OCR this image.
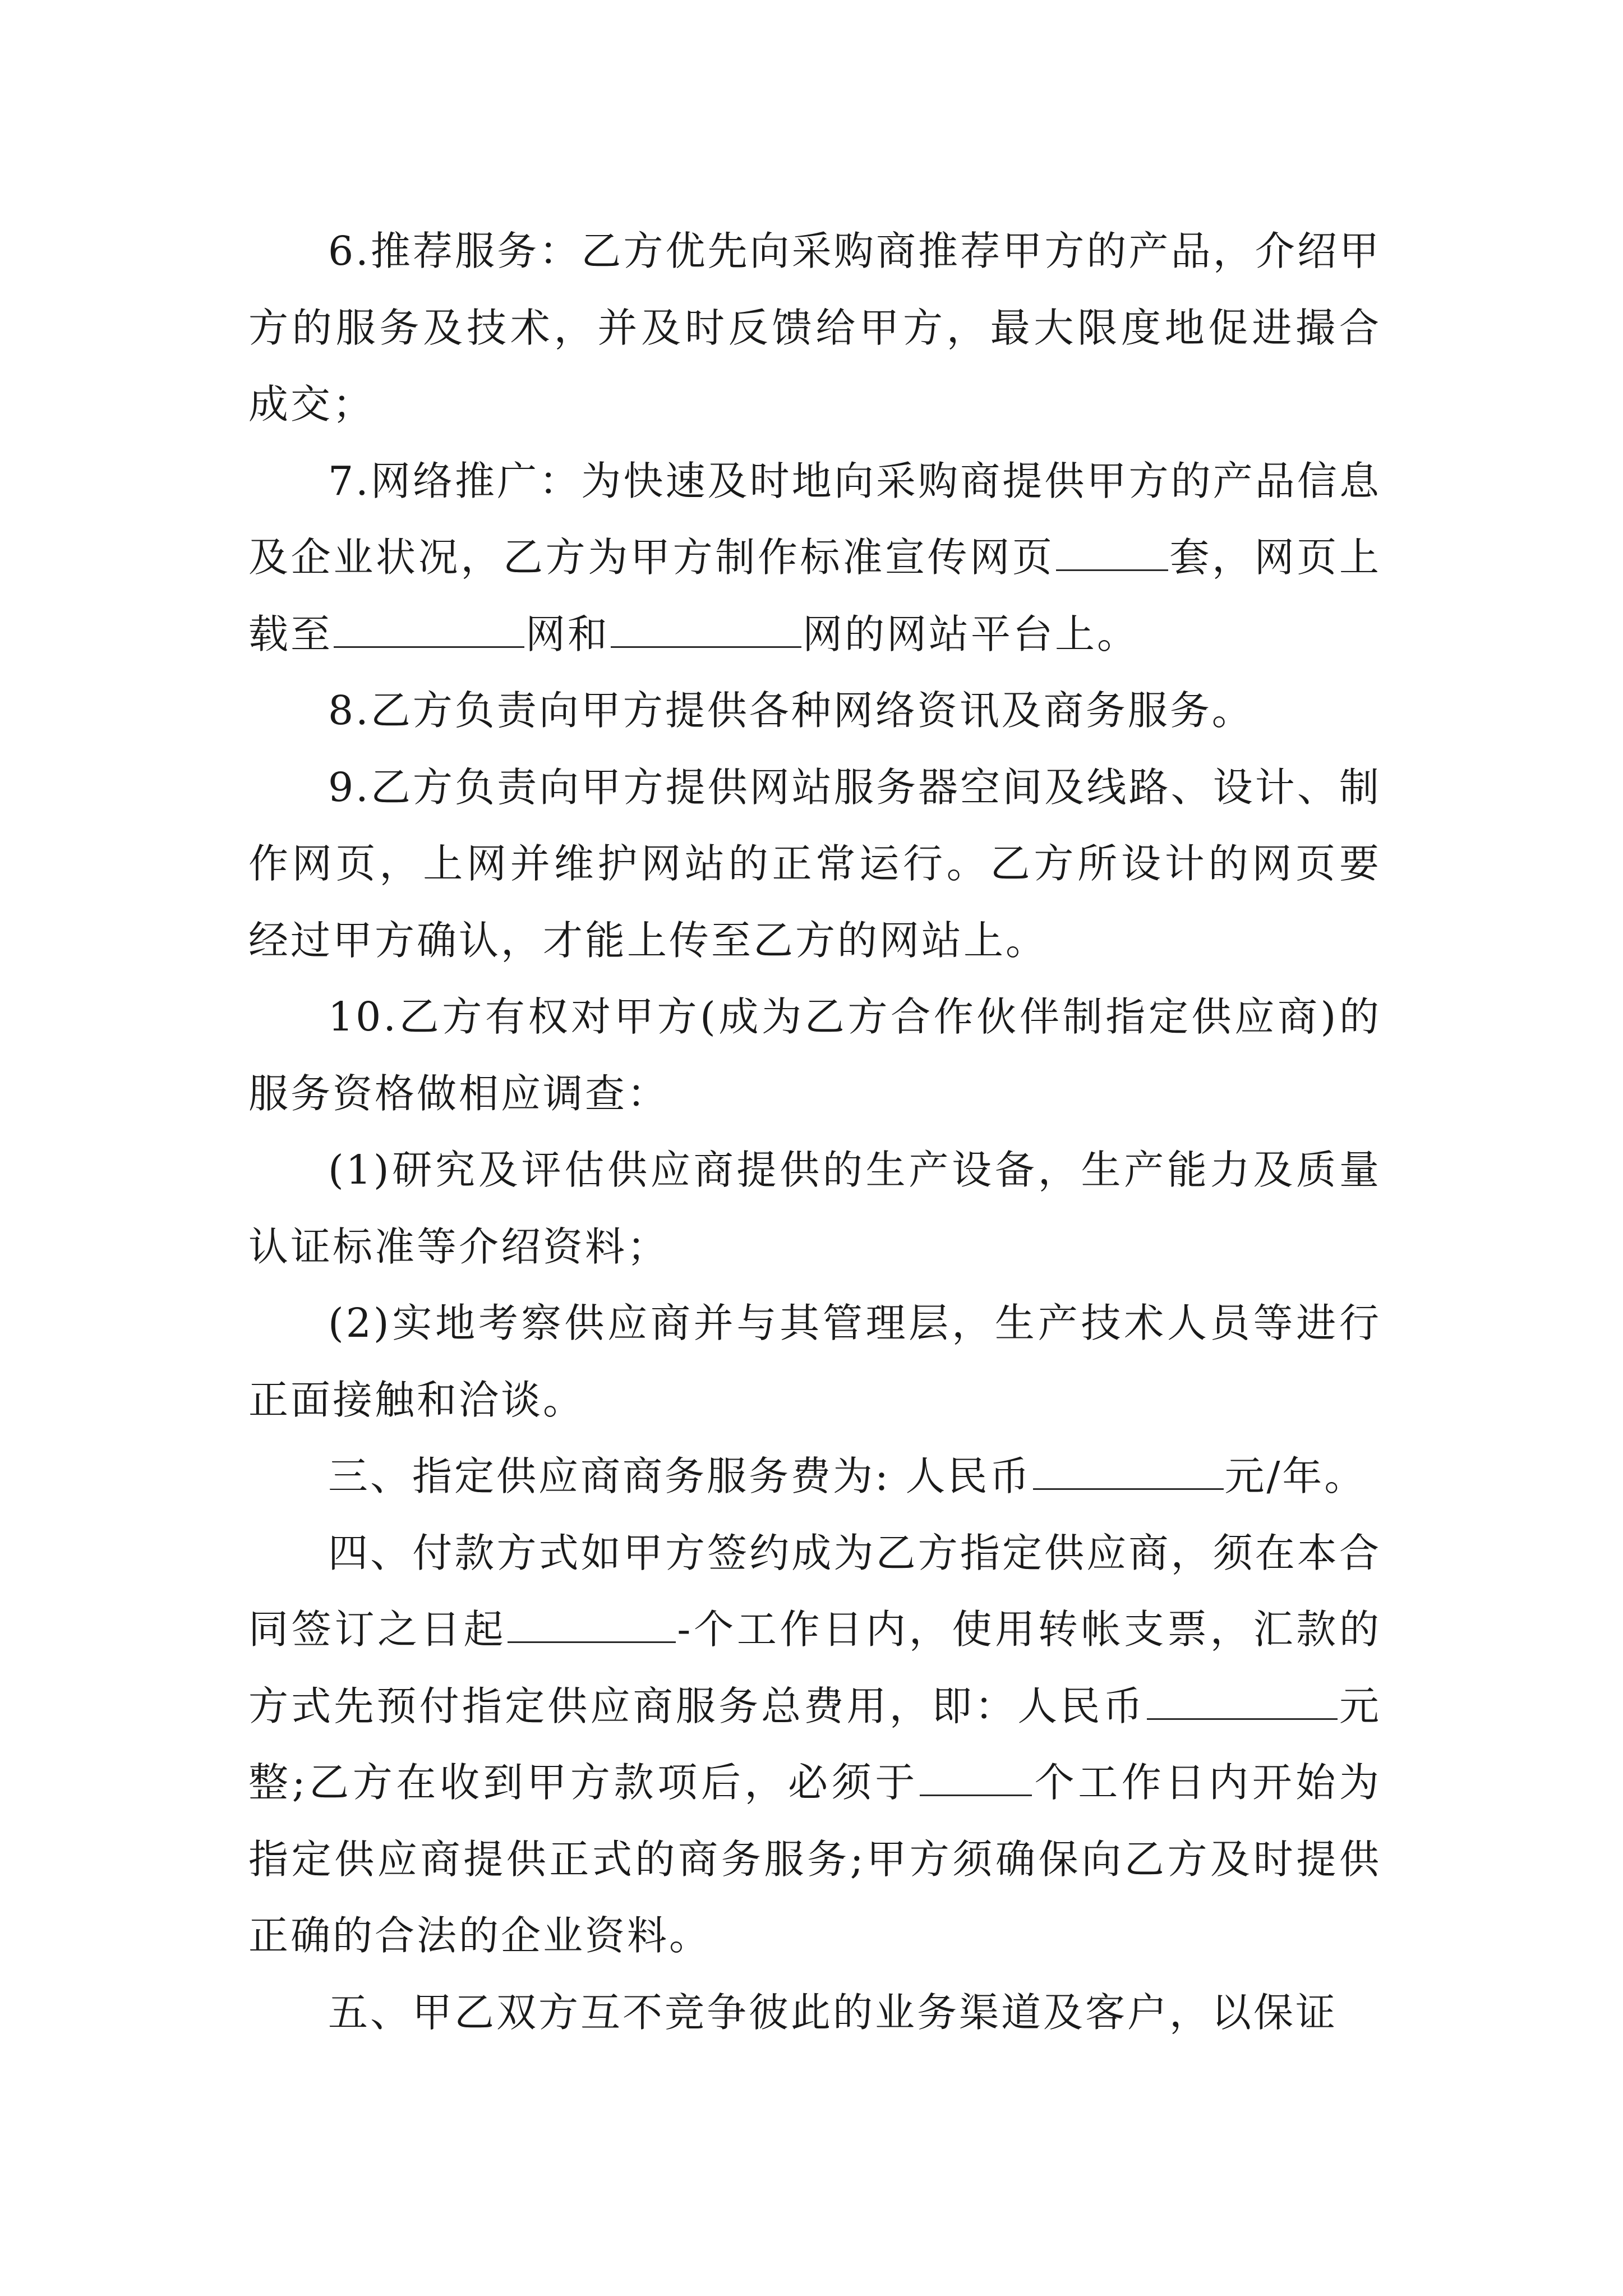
6.推荐服务：乙方优先向采购商推荐甲方的产品，介绍甲方的服务及技术，并及时反馈给甲方，最大限度地促进撮合成交；

7.网络推广：为快速及时地向采购商提供甲方的产品信息及企业状况，乙方为甲方制作标准宣传网页	套，网页上载至	网和	网的网站平台上。

8.乙方负责向甲方提供各种网络资讯及商务服务。

9.乙方负责向甲方提供网站服务器空间及线路、设计、制作网页，上网并维护网站的正常运行。乙方所设计的网页要经过甲方确认，才能上传至乙方的网站上。

10.乙方有权对甲方(成为乙方合作伙伴制指定供应商)的服务资格做相应调查：

(1)研究及评估供应商提供的生产设备，生产能力及质量认证标准等介绍资料；

(2)实地考察供应商并与其管理层，生产技术人员等进行正面接触和洽谈。

三、指定供应商商务服务费为: 人民币	元/年。

四、付款方式如甲方签约成为乙方指定供应商，须在本合同签订之日起	-个工作日内，使用转帐支票，汇款的方式先预付指定供应商服务总费用，即：人民币	元整;乙方在收到甲方款项后，必须于	个工作日内开始为指定供应商提供正式的商务服务;甲方须确保向乙方及时提供正确的合法的企业资料。

五、甲乙双方互不竞争彼此的业务渠道及客户，以保证
